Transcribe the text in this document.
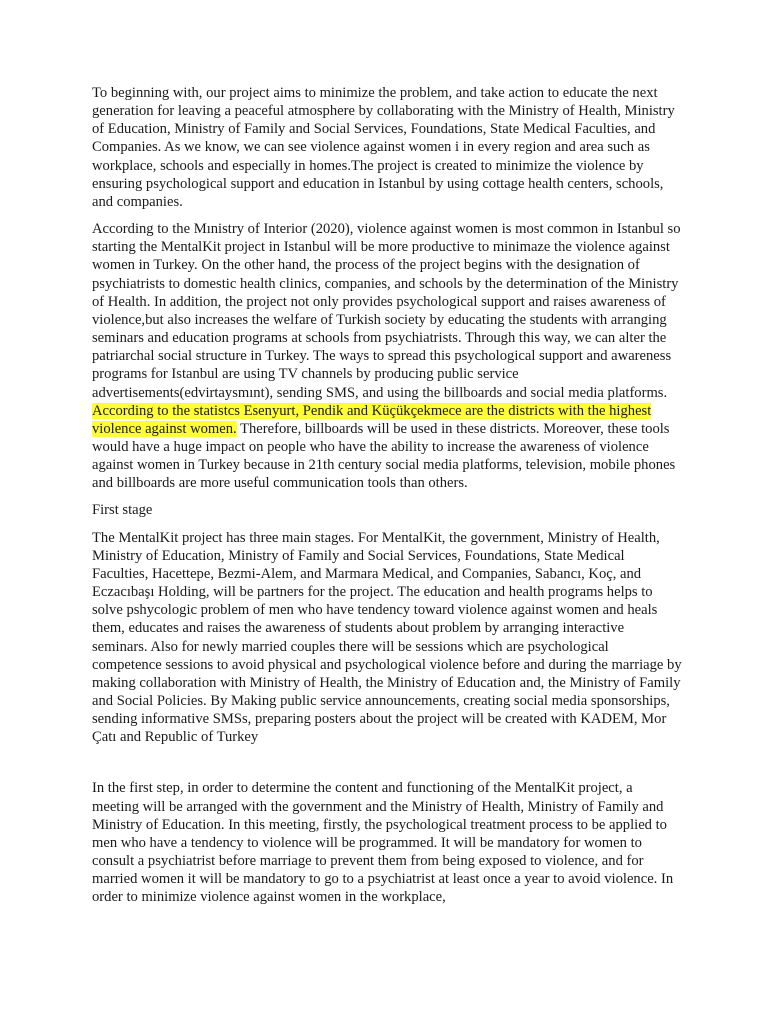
To beginning with, our project aims to minimize the problem, and take action to educate the next generation for leaving a peaceful atmosphere by collaborating with the Ministry of Health, Ministry of Education, Ministry of Family and Social Services, Foundations, State Medical Faculties, and Companies. As we know, we can see violence against women i in every region and area such as workplace, schools and especially in homes.The project is created to minimize the violence by ensuring psychological support and education in Istanbul by using cottage health centers, schools, and companies.

According to the Mınistry of Interior (2020), violence against women is most common in Istanbul so starting the MentalKit project in Istanbul will be more productive to minimaze the violence against women in Turkey. On the other hand, the process of the project begins with the designation of psychiatrists to domestic health clinics, companies, and schools by the determination of the Ministry of Health. In addition, the project not only provides psychological support and raises awareness of violence,but also increases the welfare of Turkish society by educating the students with arranging seminars and education programs at schools from psychiatrists. Through this way, we can alter the patriarchal social structure in Turkey. The ways to spread this psychological support and awareness programs for Istanbul are using TV channels by producing public service advertisements(edvirtaysmınt), sending SMS, and using the billboards and social media platforms. According to the statistcs Esenyurt, Pendik and Küçükçekmece are the districts with the highest violence against women. Therefore, billboards will be used in these districts. Moreover, these tools would have a huge impact on people who have the ability to increase the awareness of violence against women in Turkey because in 21th century social media platforms, television, mobile phones and billboards are more useful communication tools than others.

First stage

The MentalKit project has three main stages. For MentalKit, the government, Ministry of Health, Ministry of Education, Ministry of Family and Social Services, Foundations, State Medical Faculties, Hacettepe, Bezmi-Alem, and Marmara Medical, and Companies, Sabancı, Koç, and Eczacıbaşı Holding, will be partners for the project. The education and health programs helps to solve pshycologic problem of men who have tendency toward violence against women and heals them, educates and raises the awareness of students about problem by arranging interactive seminars. Also for newly married couples there will be sessions which are psychological competence sessions to avoid physical and psychological violence before and during the marriage by making collaboration with Ministry of Health, the Ministry of Education and, the Ministry of Family and Social Policies. By Making public service announcements, creating social media sponsorships, sending informative SMSs, preparing posters about the project will be created with KADEM, Mor Çatı and Republic of Turkey

In the first step, in order to determine the content and functioning of the MentalKit project, a meeting will be arranged with the government and the Ministry of Health, Ministry of Family and Ministry of Education. In this meeting, firstly, the psychological treatment process to be applied to men who have a tendency to violence will be programmed. It will be mandatory for women to consult a psychiatrist before marriage to prevent them from being exposed to violence, and for married women it will be mandatory to go to a psychiatrist at least once a year to avoid violence. In order to minimize violence against women in the workplace,
